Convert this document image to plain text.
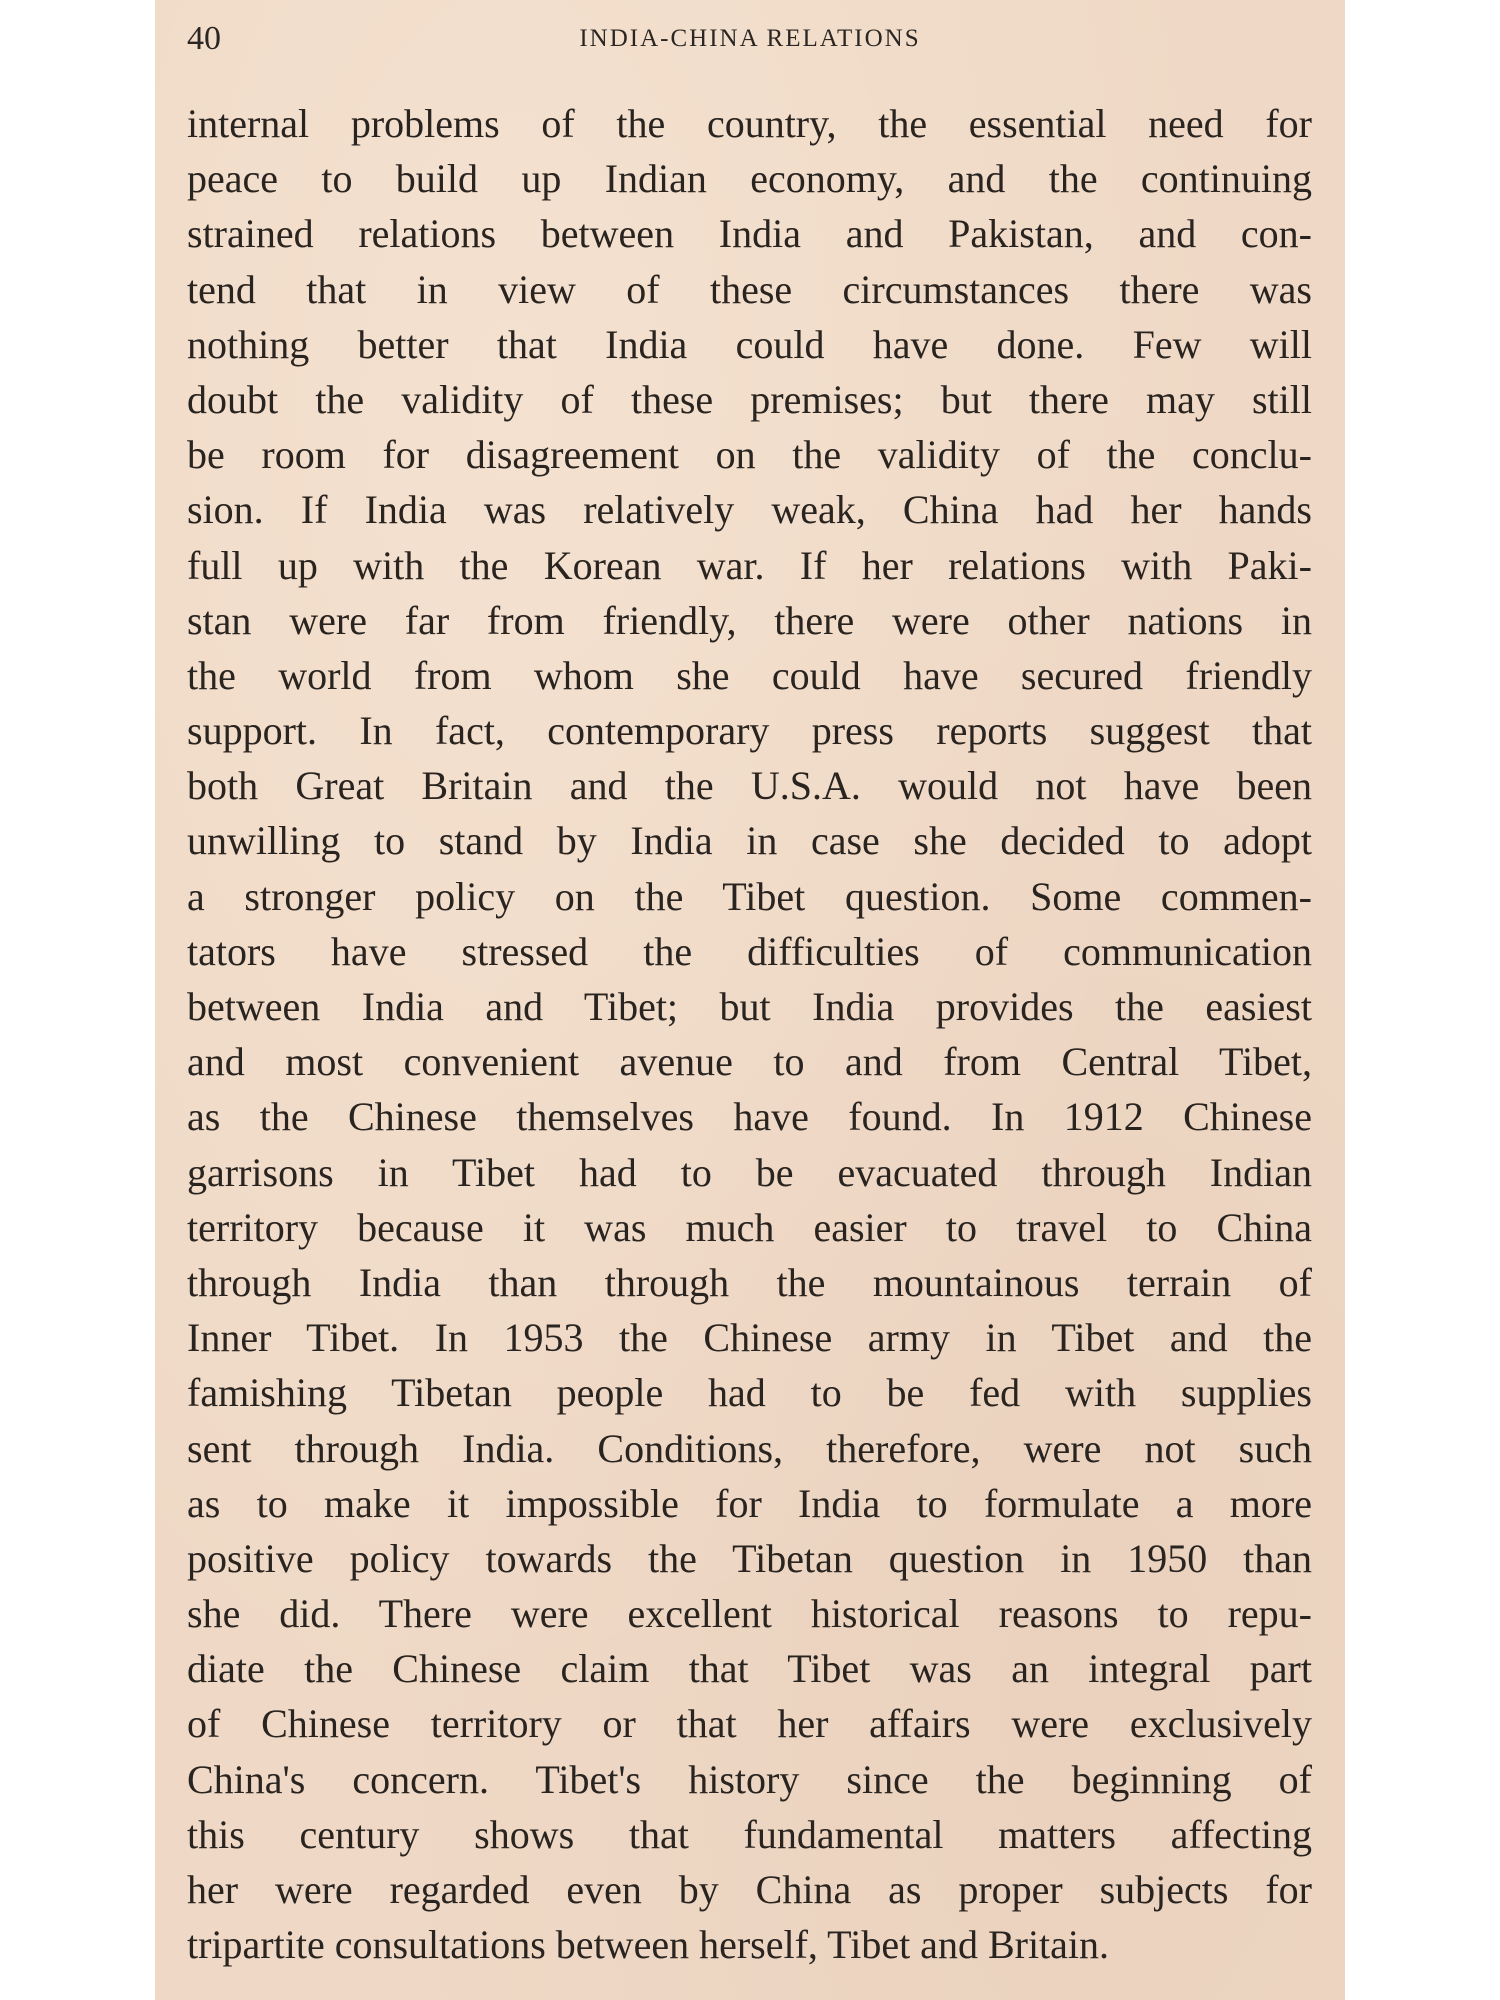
40	INDIA-CHINA RELATIONS
internal problems of the country, the essential need for
peace to build up Indian economy, and the continuing
strained relations between India and Pakistan, and con-
tend that in view of these circumstances there was
nothing better that India could have done. Few will
doubt the validity of these premises; but there may still
be room for disagreement on the validity of the conclu-
sion. If India was relatively weak, China had her hands
full up with the Korean war. If her relations with Paki-
stan were far from friendly, there were other nations in
the world from whom she could have secured friendly
support. In fact, contemporary press reports suggest that
both Great Britain and the U.S.A. would not have been
unwilling to stand by India in case she decided to adopt
a stronger policy on the Tibet question. Some commen-
tators have stressed the difficulties of communication
between India and Tibet; but India provides the easiest
and most convenient avenue to and from Central Tibet,
as the Chinese themselves have found. In 1912 Chinese
garrisons in Tibet had to be evacuated through Indian
territory because it was much easier to travel to China
through India than through the mountainous terrain of
Inner Tibet. In 1953 the Chinese army in Tibet and the
famishing Tibetan people had to be fed with supplies
sent through India. Conditions, therefore, were not such
as to make it impossible for India to formulate a more
positive policy towards the Tibetan question in 1950 than
she did. There were excellent historical reasons to repu-
diate the Chinese claim that Tibet was an integral part
of Chinese territory or that her affairs were exclusively
China's concern. Tibet's history since the beginning of
this century shows that fundamental matters affecting
her were regarded even by China as proper subjects for
tripartite consultations between herself, Tibet and Britain.
